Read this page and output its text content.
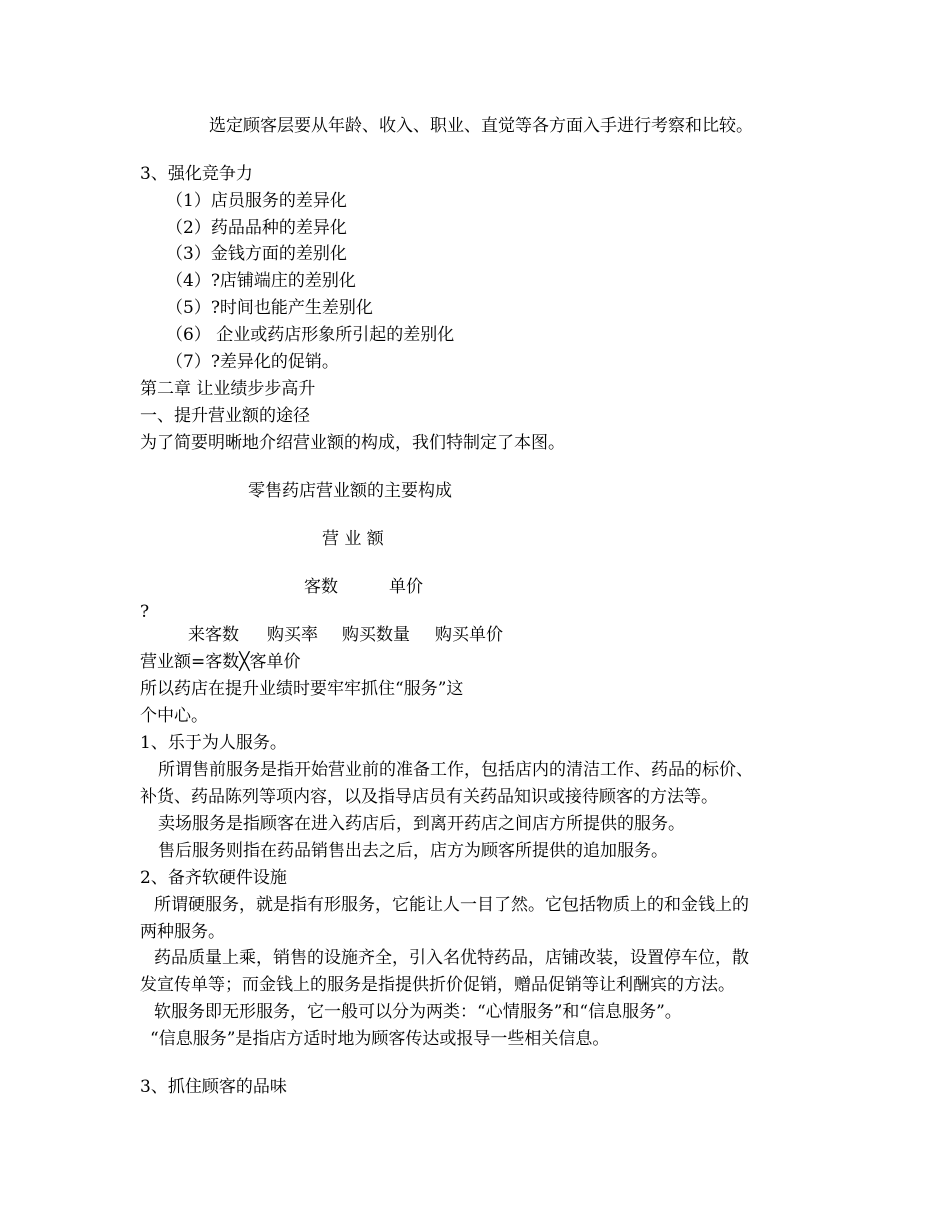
选定顾客层要从年龄、收入、职业、直觉等各方面入手进行考察和比较。
3、强化竞争力
（1）店员服务的差异化
（2）药品品种的差异化
（3）金钱方面的差别化
（4）?店铺端庄的差别化
（5）?时间也能产生差别化
（6） 企业或药店形象所引起的差别化
（7）?差异化的促销。
第二章 让业绩步步高升
一、提升营业额的途径
为了简要明晰地介绍营业额的构成，我们特制定了本图。
零售药店营业额的主要构成
营 业 额
客数	单价
?
来客数 购买率 购买数量 购买单价
营业额=客数╳客单价
所以药店在提升业绩时要牢牢抓住“服务”这
个中心。
1、乐于为人服务。
所谓售前服务是指开始营业前的准备工作，包括店内的清洁工作、药品的标价、
补货、药品陈列等项内容，以及指导店员有关药品知识或接待顾客的方法等。
卖场服务是指顾客在进入药店后，到离开药店之间店方所提供的服务。
售后服务则指在药品销售出去之后，店方为顾客所提供的追加服务。
2、备齐软硬件设施
所谓硬服务，就是指有形服务，它能让人一目了然。它包括物质上的和金钱上的
两种服务。
药品质量上乘，销售的设施齐全，引入名优特药品，店铺改装，设置停车位，散
发宣传单等；而金钱上的服务是指提供折价促销，赠品促销等让利酬宾的方法。
软服务即无形服务，它一般可以分为两类：“心情服务”和“信息服务”。
“信息服务”是指店方适时地为顾客传达或报导一些相关信息。
3、抓住顾客的品味
